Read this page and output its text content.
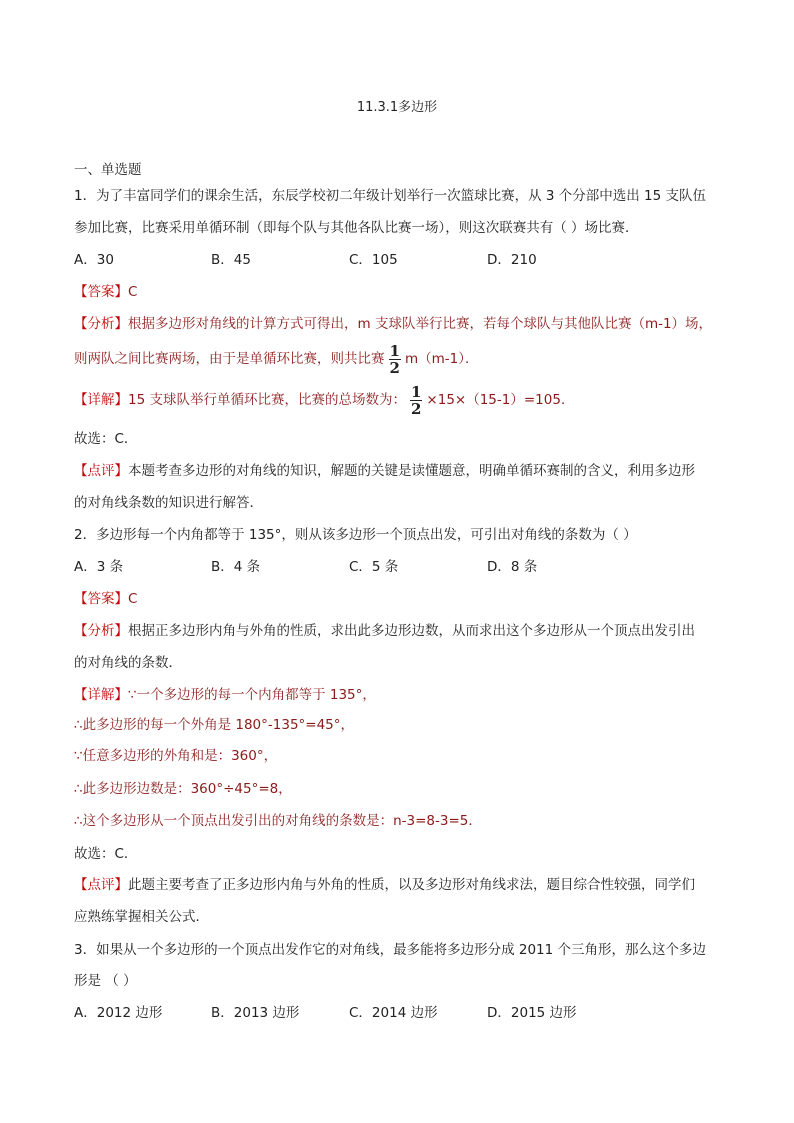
11.3.1多边形
一、单选题
1．为了丰富同学们的课余生活，东辰学校初二年级计划举行一次篮球比赛，从 3 个分部中选出 15 支队伍
参加比赛，比赛采用单循环制（即每个队与其他各队比赛一场），则这次联赛共有（ ）场比赛．
A．30	B．45	C．105	D．210
【答案】C
【分析】根据多边形对角线的计算方式可得出，m 支球队举行比赛，若每个球队与其他队比赛（m-1）场，
则两队之间比赛两场，由于是单循环比赛，则共比赛 $\frac{1}{2} m(m-1)$．
【详解】15 支球队举行单循环比赛，比赛的总场数为： $\frac{1}{2} \times 15\times(15-1)=105$．
故选：C．
【点评】本题考查多边形的对角线的知识，解题的关键是读懂题意，明确单循环赛制的含义，利用多边形
的对角线条数的知识进行解答．
2．多边形每一个内角都等于 135°，则从该多边形一个顶点出发，可引出对角线的条数为（ ）
A．3 条	B．4 条	C．5 条	D．8 条
【答案】C
【分析】根据正多边形内角与外角的性质，求出此多边形边数，从而求出这个多边形从一个顶点出发引出
的对角线的条数．
【详解】∵一个多边形的每一个内角都等于 135°，
∴此多边形的每一个外角是 180°-135°=45°，
∵任意多边形的外角和是：360°，
∴此多边形边数是：360°÷45°=8，
∴这个多边形从一个顶点出发引出的对角线的条数是：n-3=8-3=5．
故选：C．
【点评】此题主要考查了正多边形内角与外角的性质，以及多边形对角线求法，题目综合性较强，同学们
应熟练掌握相关公式．
3．如果从一个多边形的一个顶点出发作它的对角线，最多能将多边形分成 2011 个三角形，那么这个多边
形是 （ ）
A．2012 边形	B．2013 边形	C．2014 边形	D．2015 边形
